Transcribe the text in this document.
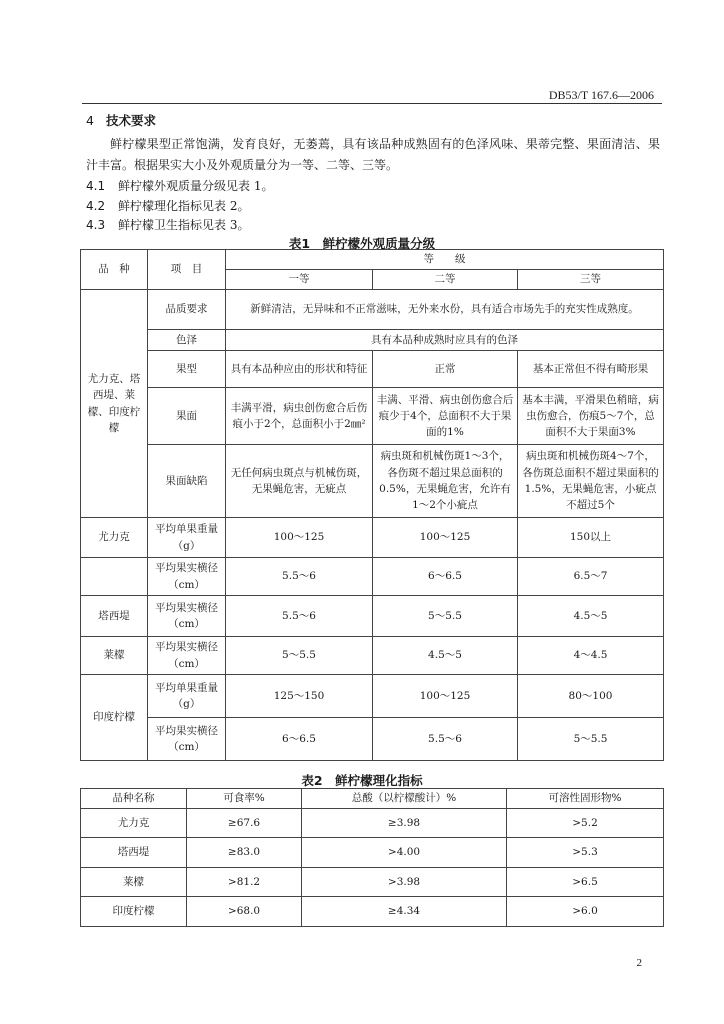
DB53/T 167.6—2006
4 技术要求
鲜柠檬果型正常饱满，发育良好，无萎蔫，具有该品种成熟固有的色泽风味、果蒂完整、果面清洁、果汁丰富。根据果实大小及外观质量分为一等、二等、三等。
4.1 鲜柠檬外观质量分级见表 1。
4.2 鲜柠檬理化指标见表 2。
4.3 鲜柠檬卫生指标见表 3。
表1　 鲜柠檬外观质量分级
品　种	项　目	等　　级		
		一等	二等	三等
尤力克、塔西堤、莱檬、印度柠檬	品质要求	新鲜清洁，无异味和不正常滋味，无外来水份，具有适合市场先手的充实性成熟度。		
	色泽	具有本品种成熟时应具有的色泽		
	果型	具有本品种应由的形状和特征	正常	基本正常但不得有畸形果
	果面	丰满平滑，病虫创伤愈合后伤痕小于2个，总面积小于2㎜²	丰满、平滑、病虫创伤愈合后痕少于4个，总面积不大于果面的1%	基本丰满，平滑果色稍暗，病虫伤愈合，伤痕5～7个，总面积不大于果面3%
	果面缺陷	无任何病虫斑点与机械伤斑，无果蝇危害，无疵点	病虫斑和机械伤斑1～3个，各伤斑不超过果总面积的0.5%，无果蝇危害，允许有1～2个小疵点	病虫斑和机械伤斑4～7个，各伤斑总面积不超过果面积的1.5%，无果蝇危害，小疵点不超过5个
尤力克	平均单果重量（g）	100～125	100～125	150以上
	平均果实横径（cm）	5.5～6	6～6.5	6.5～7
塔西堤	平均果实横径（cm）	5.5～6	5～5.5	4.5～5
莱檬	平均果实横径（cm）	5～5.5	4.5～5	4～4.5
印度柠檬	平均单果重量（g）	125～150	100～125	80～100
	平均果实横径（cm）	6～6.5	5.5～6	5～5.5
表2　 鲜柠檬理化指标
品种名称	可食率%	总酸（以柠檬酸计）%	可溶性固形物%
尤力克	≥67.6	≥3.98	>5.2
塔西堤	≥83.0	>4.00	>5.3
莱檬	>81.2	>3.98	>6.5
印度柠檬	>68.0	≥4.34	>6.0
2
